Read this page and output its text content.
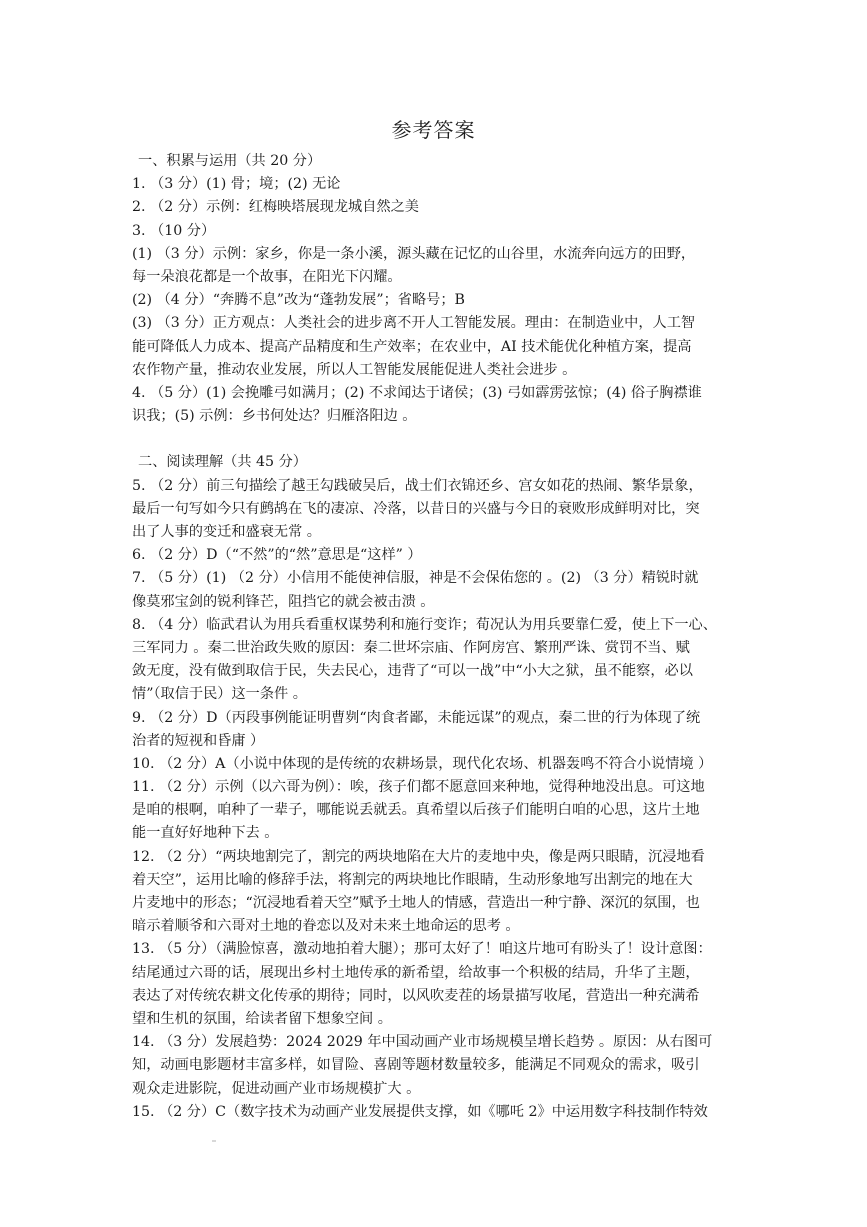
参考答案
一、积累与运用（共 20 分）
1. （3 分）(1) 骨；境；(2) 无论
2. （2 分）示例：红梅映塔展现龙城自然之美
3. （10 分）
(1) （3 分）示例：家乡，你是一条小溪，源头藏在记忆的山谷里，水流奔向远方的田野，
每一朵浪花都是一个故事，在阳光下闪耀。
(2) （4 分）“奔腾不息”改为“蓬勃发展”；省略号；B
(3) （3 分）正方观点：人类社会的进步离不开人工智能发展。理由：在制造业中，人工智
能可降低人力成本、提高产品精度和生产效率；在农业中，AI 技术能优化种植方案，提高
农作物产量，推动农业发展，所以人工智能发展能促进人类社会进步 。
4. （5 分）(1) 会挽雕弓如满月；(2) 不求闻达于诸侯；(3) 弓如霹雳弦惊；(4) 俗子胸襟谁
识我；(5) 示例：乡书何处达？归雁洛阳边 。
二、阅读理解（共 45 分）
5. （2 分）前三句描绘了越王勾践破吴后，战士们衣锦还乡、宫女如花的热闹、繁华景象，
最后一句写如今只有鹧鸪在飞的凄凉、冷落，以昔日的兴盛与今日的衰败形成鲜明对比，突
出了人事的变迁和盛衰无常 。
6. （2 分）D（“不然”的“然”意思是“这样” ）
7. （5 分）(1) （2 分）小信用不能使神信服，神是不会保佑您的 。(2) （3 分）精锐时就
像莫邪宝剑的锐利锋芒，阻挡它的就会被击溃 。
8. （4 分）临武君认为用兵看重权谋势利和施行变诈；荀况认为用兵要靠仁爱，使上下一心、
三军同力 。秦二世治政失败的原因：秦二世坏宗庙、作阿房宫、繁刑严诛、赏罚不当、赋
敛无度，没有做到取信于民，失去民心，违背了“可以一战”中“小大之狱，虽不能察，必以
情”（取信于民）这一条件 。
9. （2 分）D（丙段事例能证明曹刿“肉食者鄙，未能远谋”的观点，秦二世的行为体现了统
治者的短视和昏庸 ）
10. （2 分）A（小说中体现的是传统的农耕场景，现代化农场、机器轰鸣不符合小说情境 ）
11. （2 分）示例（以六哥为例）：唉，孩子们都不愿意回来种地，觉得种地没出息。可这地
是咱的根啊，咱种了一辈子，哪能说丢就丢。真希望以后孩子们能明白咱的心思，这片土地
能一直好好地种下去 。
12. （2 分）“两块地割完了，割完的两块地陷在大片的麦地中央，像是两只眼睛，沉浸地看
着天空”，运用比喻的修辞手法，将割完的两块地比作眼睛，生动形象地写出割完的地在大
片麦地中的形态；“沉浸地看着天空”赋予土地人的情感，营造出一种宁静、深沉的氛围，也
暗示着顺爷和六哥对土地的眷恋以及对未来土地命运的思考 。
13. （5 分）（满脸惊喜，激动地拍着大腿）；那可太好了！咱这片地可有盼头了！设计意图：
结尾通过六哥的话，展现出乡村土地传承的新希望，给故事一个积极的结局，升华了主题，
表达了对传统农耕文化传承的期待；同时，以风吹麦茬的场景描写收尾，营造出一种充满希
望和生机的氛围，给读者留下想象空间 。
14. （3 分）发展趋势：2024 2029 年中国动画产业市场规模呈增长趋势 。原因：从右图可
知，动画电影题材丰富多样，如冒险、喜剧等题材数量较多，能满足不同观众的需求，吸引
观众走进影院，促进动画产业市场规模扩大 。
15. （2 分）C（数字技术为动画产业发展提供支撑，如《哪吒 2》中运用数字科技制作特效
